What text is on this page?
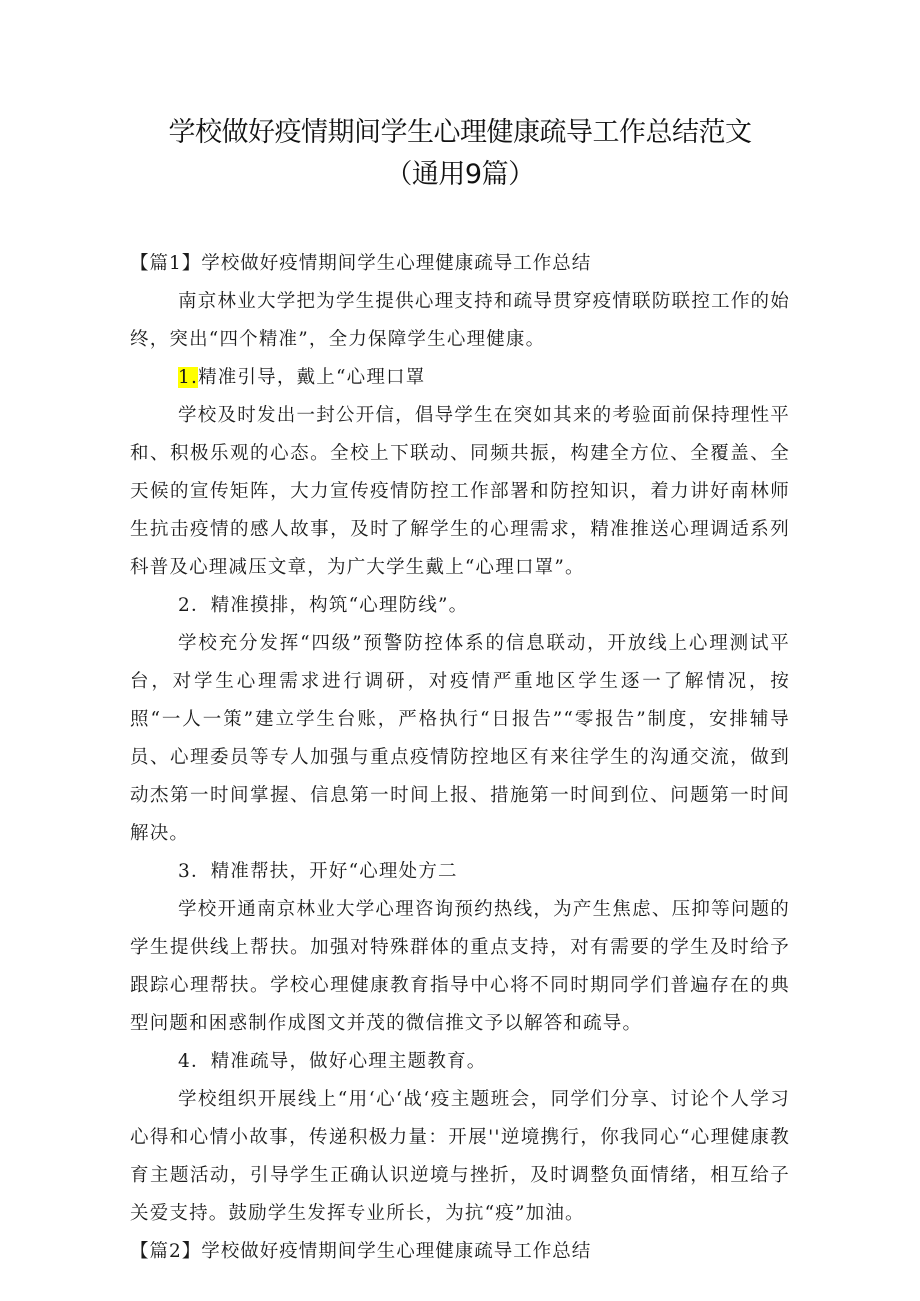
学校做好疫情期间学生心理健康疏导工作总结范文（通用9篇）

【篇1】学校做好疫情期间学生心理健康疏导工作总结

南京林业大学把为学生提供心理支持和疏导贯穿疫情联防联控工作的始终，突出“四个精准”，全力保障学生心理健康。

1.精准引导，戴上“心理口罩

学校及时发出一封公开信，倡导学生在突如其来的考验面前保持理性平和、积极乐观的心态。全校上下联动、同频共振，构建全方位、全覆盖、全天候的宣传矩阵，大力宣传疫情防控工作部署和防控知识，着力讲好南林师生抗击疫情的感人故事，及时了解学生的心理需求，精准推送心理调适系列科普及心理减压文章，为广大学生戴上“心理口罩”。

2．精准摸排，构筑“心理防线”。

学校充分发挥“四级”预警防控体系的信息联动，开放线上心理测试平台，对学生心理需求进行调研，对疫情严重地区学生逐一了解情况，按照“一人一策”建立学生台账，严格执行“日报告”“零报告”制度，安排辅导员、心理委员等专人加强与重点疫情防控地区有来往学生的沟通交流，做到动杰第一时间掌握、信息第一时间上报、措施第一时间到位、问题第一时间解决。

3．精准帮扶，开好“心理处方二

学校开通南京林业大学心理咨询预约热线，为产生焦虑、压抑等问题的学生提供线上帮扶。加强对特殊群体的重点支持，对有需要的学生及时给予跟踪心理帮扶。学校心理健康教育指导中心将不同时期同学们普遍存在的典型问题和困惑制作成图文并茂的微信推文予以解答和疏导。

4．精准疏导，做好心理主题教育。

学校组织开展线上“用‘心‘战‘疫主题班会，同学们分享、讨论个人学习心得和心情小故事，传递积极力量：开展''逆境携行，你我同心“心理健康教育主题活动，引导学生正确认识逆境与挫折，及时调整负面情绪，相互给子关爱支持。鼓励学生发挥专业所长，为抗“疫”加油。

【篇2】学校做好疫情期间学生心理健康疏导工作总结
